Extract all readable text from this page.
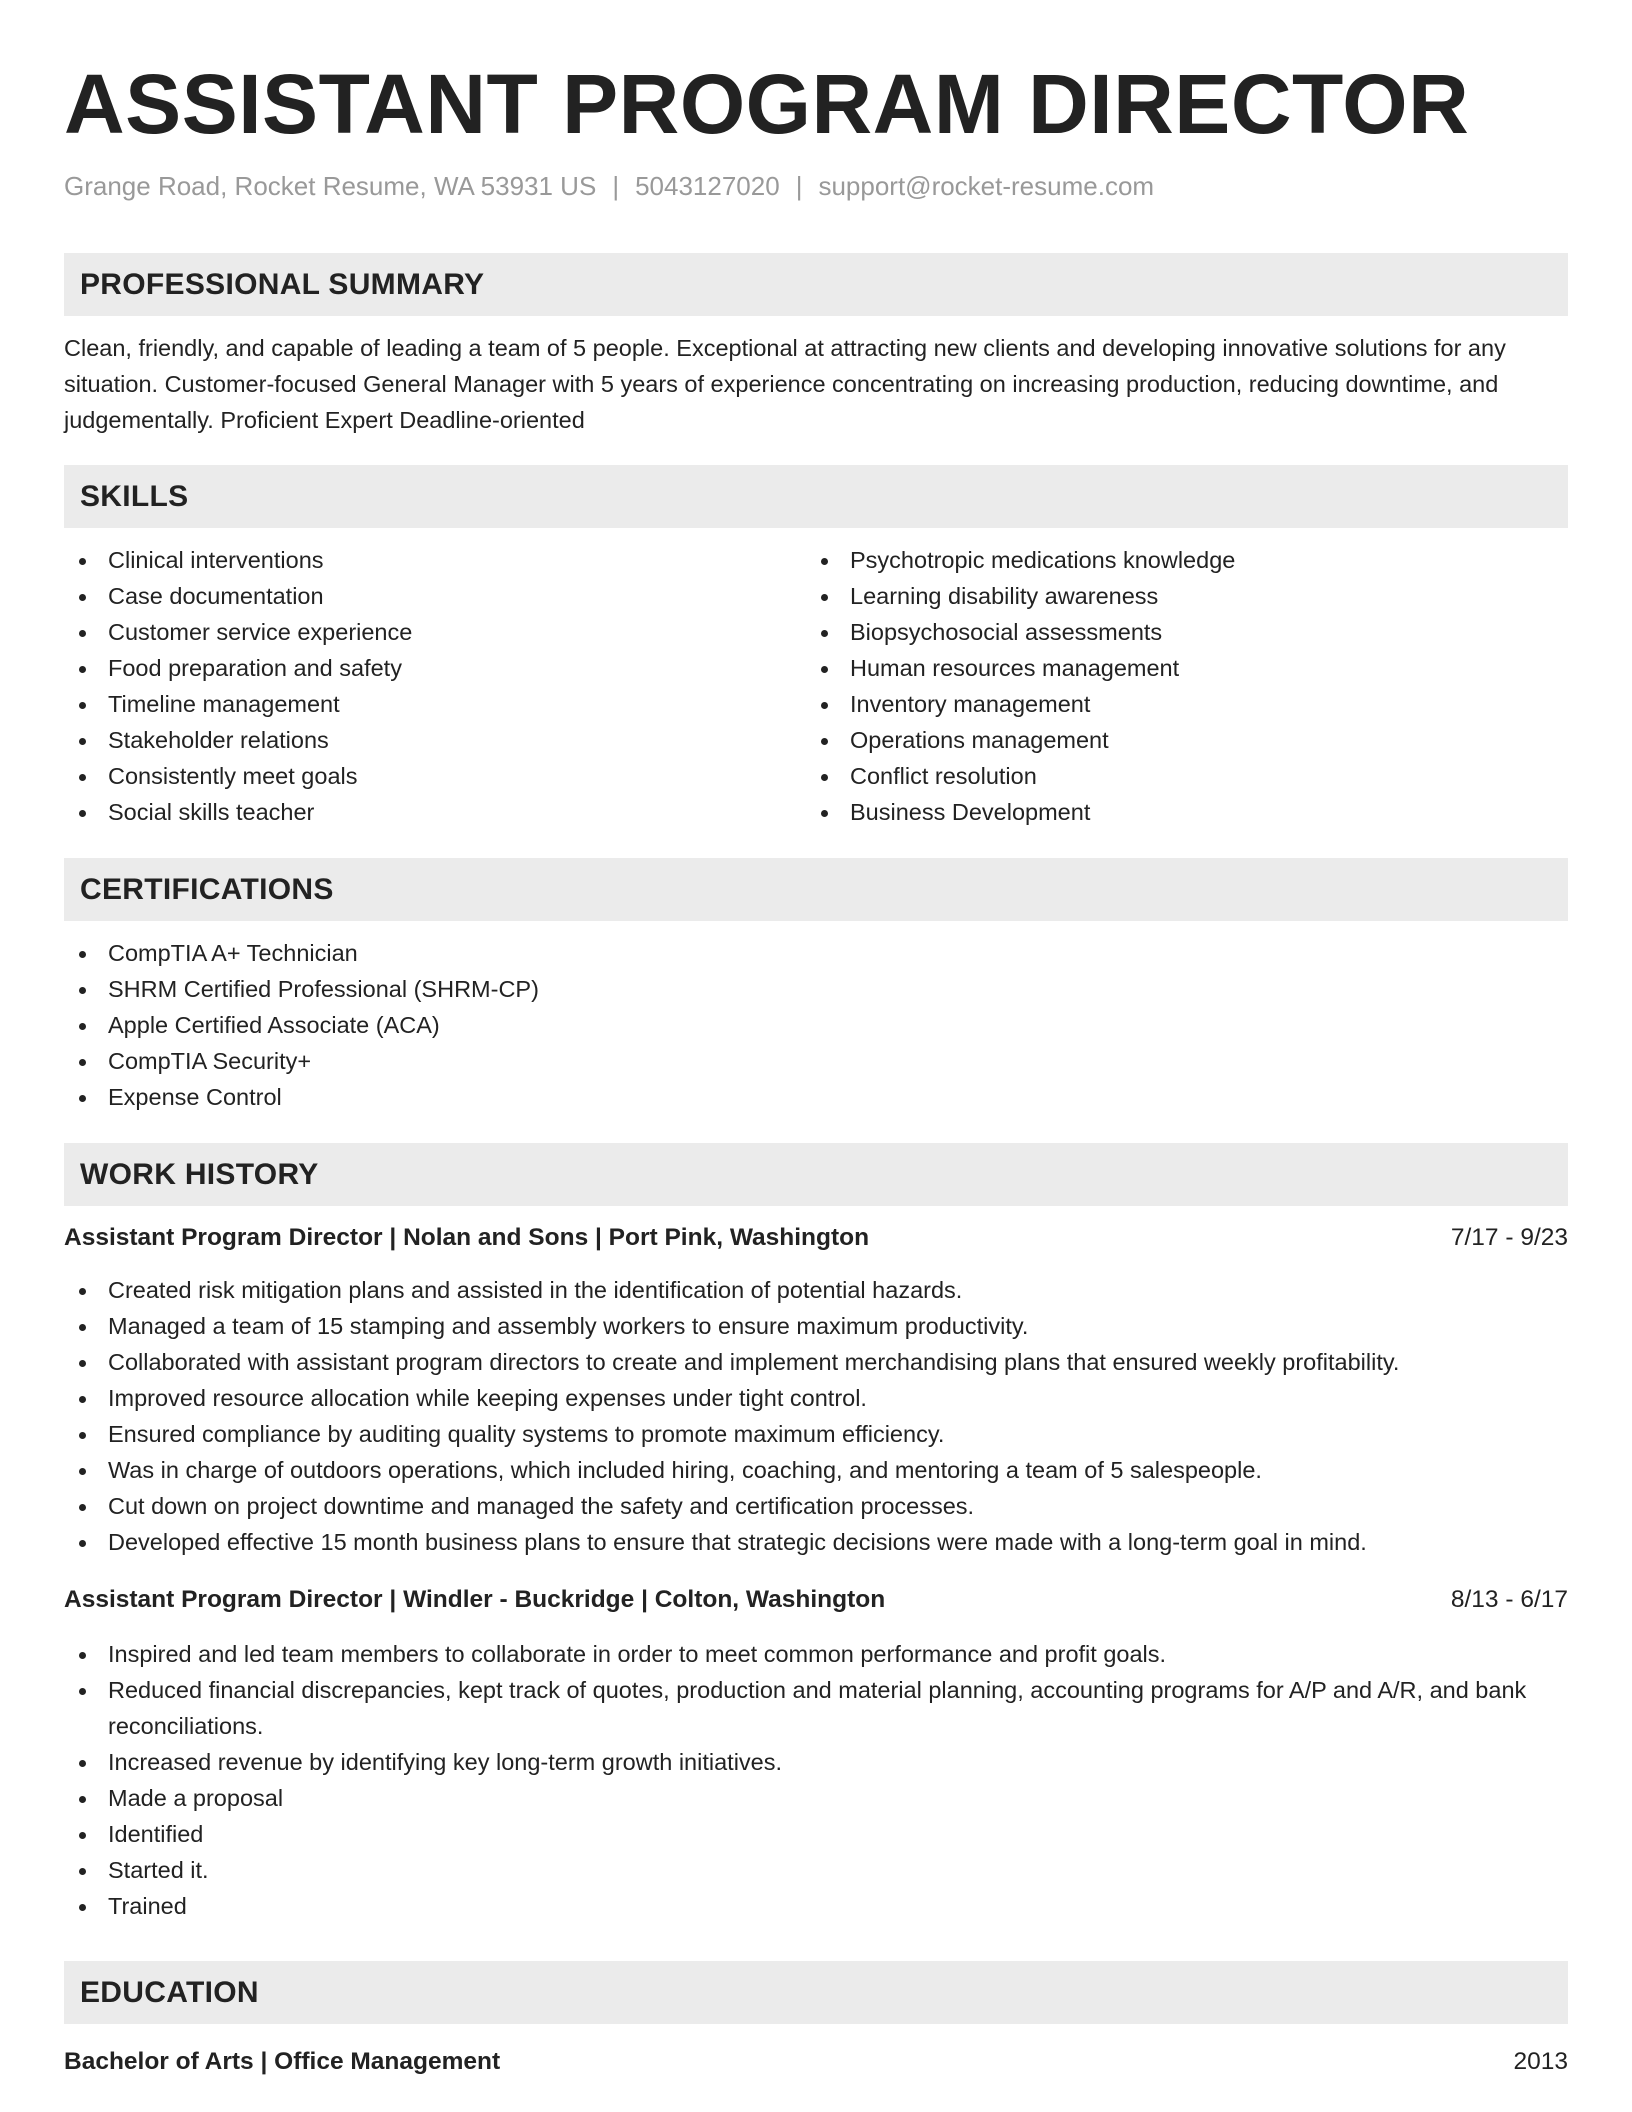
ASSISTANT PROGRAM DIRECTOR
Grange Road, Rocket Resume, WA 53931 US | 5043127020 | support@rocket-resume.com
PROFESSIONAL SUMMARY

Clean, friendly, and capable of leading a team of 5 people. Exceptional at attracting new clients and developing innovative solutions for any situation. Customer-focused General Manager with 5 years of experience concentrating on increasing production, reducing downtime, and judgementally. Proficient Expert Deadline-oriented

SKILLS
Clinical interventions
Case documentation
Customer service experience
Food preparation and safety
Timeline management
Stakeholder relations
Consistently meet goals
Social skills teacher
Psychotropic medications knowledge
Learning disability awareness
Biopsychosocial assessments
Human resources management
Inventory management
Operations management
Conflict resolution
Business Development
CERTIFICATIONS
CompTIA A+ Technician
SHRM Certified Professional (SHRM-CP)
Apple Certified Associate (ACA)
CompTIA Security+
Expense Control
WORK HISTORY
Assistant Program Director | Nolan and Sons | Port Pink, Washington	7/17 - 9/23
Created risk mitigation plans and assisted in the identification of potential hazards.
Managed a team of 15 stamping and assembly workers to ensure maximum productivity.
Collaborated with assistant program directors to create and implement merchandising plans that ensured weekly profitability.
Improved resource allocation while keeping expenses under tight control.
Ensured compliance by auditing quality systems to promote maximum efficiency.
Was in charge of outdoors operations, which included hiring, coaching, and mentoring a team of 5 salespeople.
Cut down on project downtime and managed the safety and certification processes.
Developed effective 15 month business plans to ensure that strategic decisions were made with a long-term goal in mind.
Assistant Program Director | Windler - Buckridge | Colton, Washington	8/13 - 6/17
Inspired and led team members to collaborate in order to meet common performance and profit goals.
Reduced financial discrepancies, kept track of quotes, production and material planning, accounting programs for A/P and A/R, and bank reconciliations.
Increased revenue by identifying key long-term growth initiatives.
Made a proposal
Identified
Started it.
Trained
EDUCATION
Bachelor of Arts | Office Management	2013
